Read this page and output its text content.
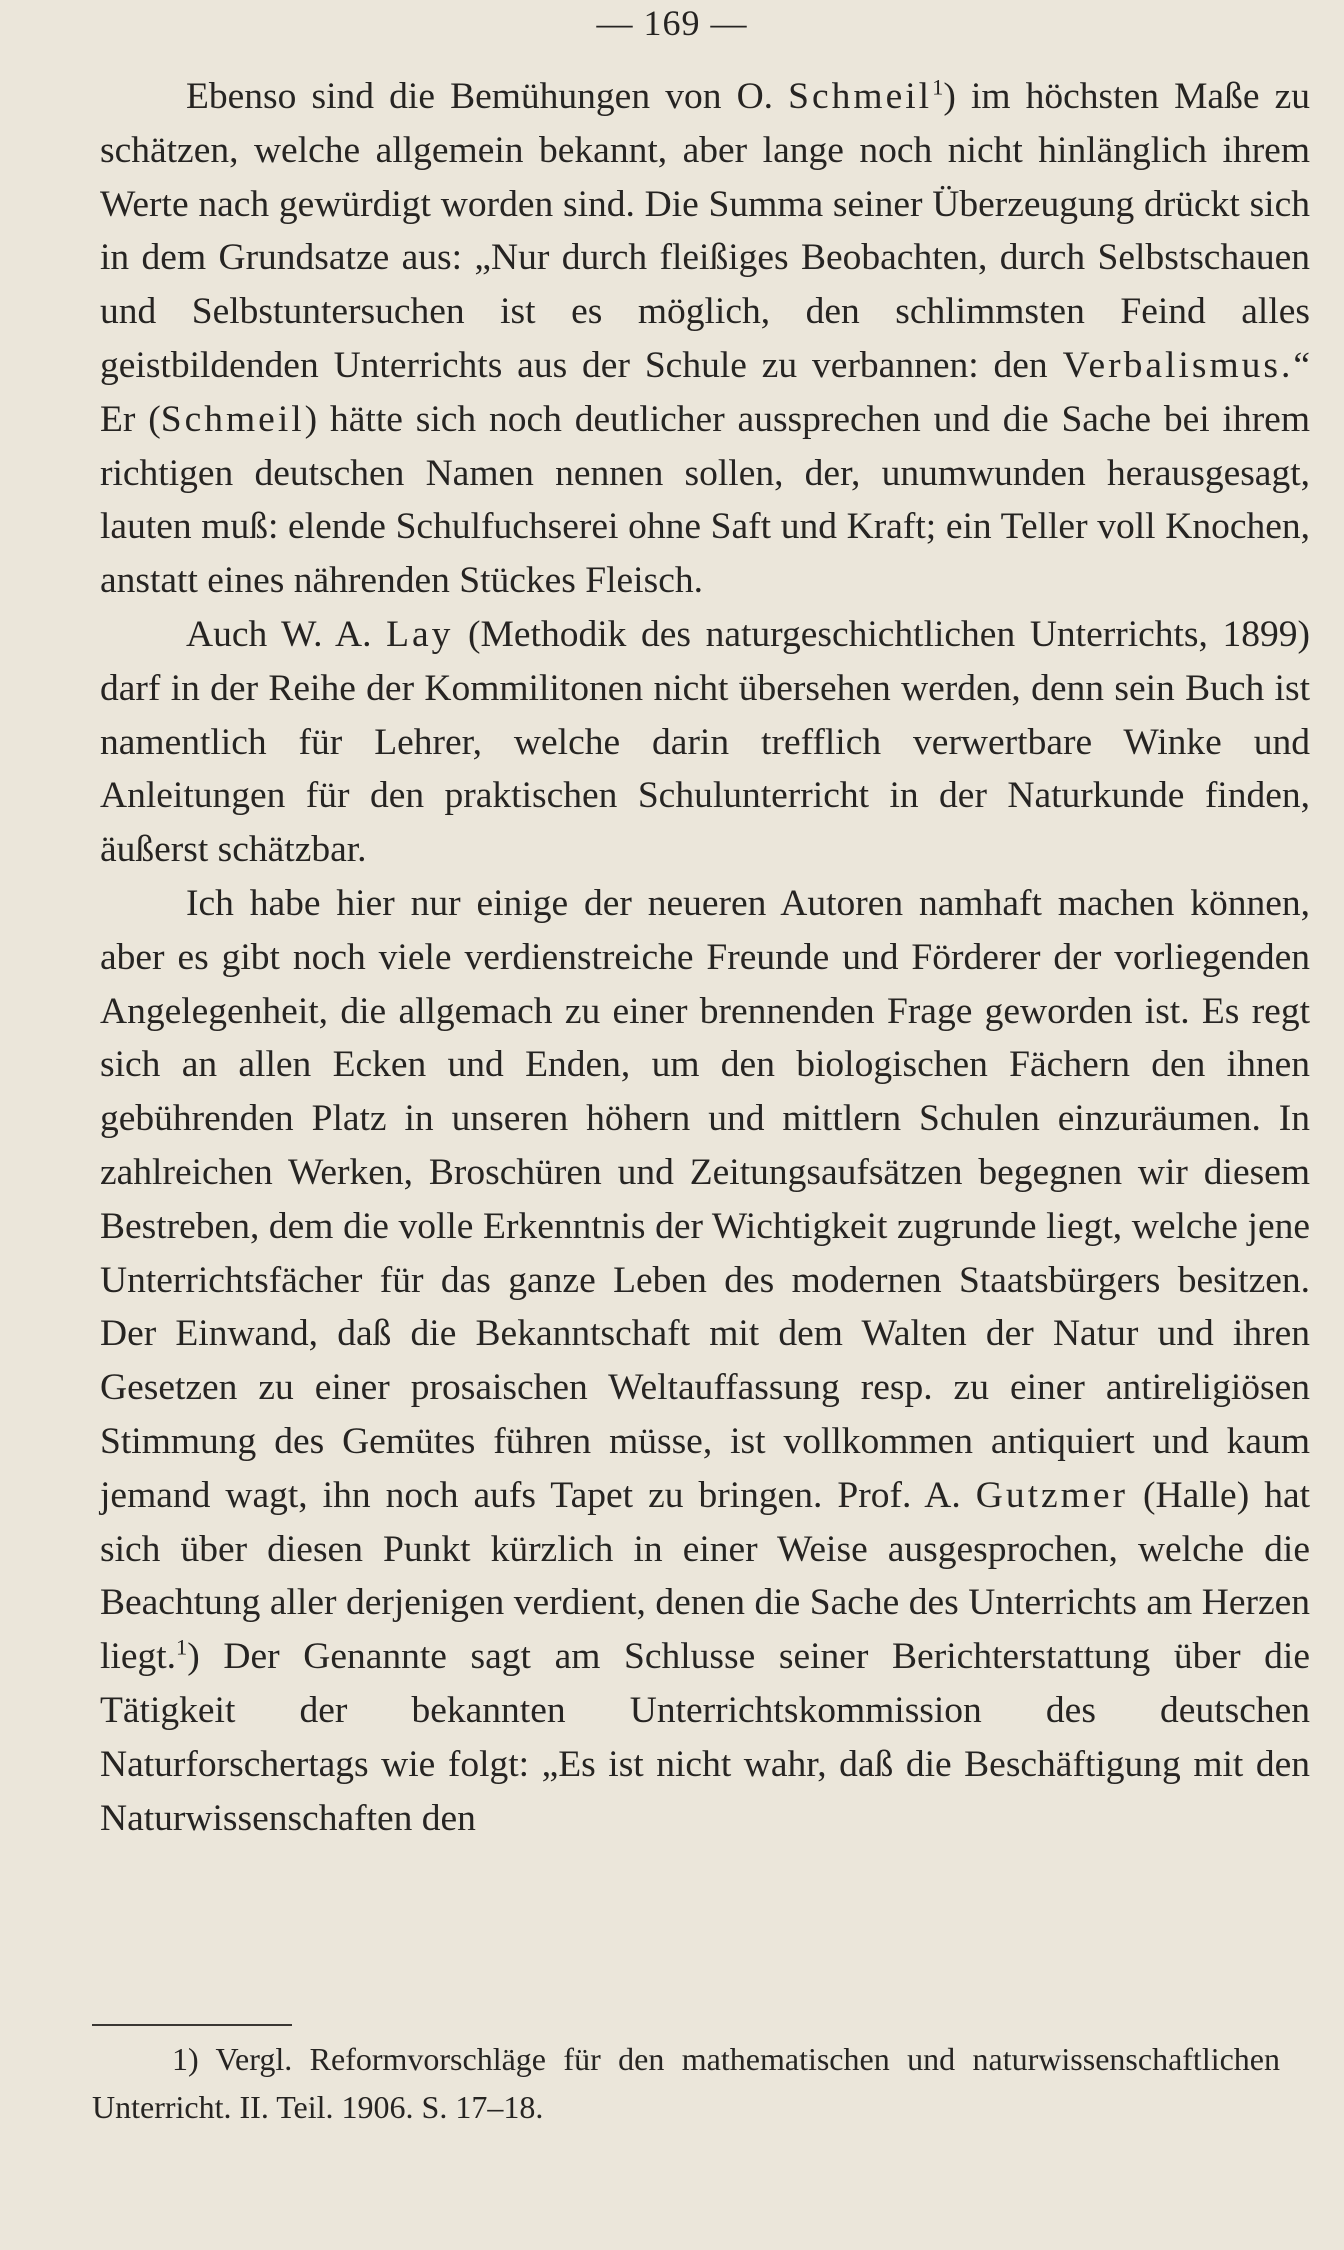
— 169 —

Ebenso sind die Bemühungen von O. Schmeil$^1$) im höchsten Maße zu schätzen, welche allgemein bekannt, aber lange noch nicht hinlänglich ihrem Werte nach gewürdigt worden sind. Die Summa seiner Überzeugung drückt sich in dem Grundsatze aus: „Nur durch fleißiges Beobachten, durch Selbstschauen und Selbstuntersuchen ist es möglich, den schlimmsten Feind alles geistbildenden Unterrichts aus der Schule zu verbannen: den Verbalismus.“ Er (Schmeil) hätte sich noch deutlicher aussprechen und die Sache bei ihrem richtigen deutschen Namen nennen sollen, der, unumwunden herausgesagt, lauten muß: elende Schulfuchserei ohne Saft und Kraft; ein Teller voll Knochen, anstatt eines nährenden Stückes Fleisch.

Auch W. A. Lay (Methodik des naturgeschichtlichen Unterrichts, 1899) darf in der Reihe der Kommilitonen nicht übersehen werden, denn sein Buch ist namentlich für Lehrer, welche darin trefflich verwertbare Winke und Anleitungen für den praktischen Schulunterricht in der Naturkunde finden, äußerst schätzbar.

Ich habe hier nur einige der neueren Autoren namhaft machen können, aber es gibt noch viele verdienstreiche Freunde und Förderer der vorliegenden Angelegenheit, die allgemach zu einer brennenden Frage geworden ist. Es regt sich an allen Ecken und Enden, um den biologischen Fächern den ihnen gebührenden Platz in unseren höhern und mittlern Schulen einzuräumen. In zahlreichen Werken, Broschüren und Zeitungsaufsätzen begegnen wir diesem Bestreben, dem die volle Erkenntnis der Wichtigkeit zugrunde liegt, welche jene Unterrichtsfächer für das ganze Leben des modernen Staatsbürgers besitzen. Der Einwand, daß die Bekanntschaft mit dem Walten der Natur und ihren Gesetzen zu einer prosaischen Weltauffassung resp. zu einer antireligiösen Stimmung des Gemütes führen müsse, ist vollkommen antiquiert und kaum jemand wagt, ihn noch aufs Tapet zu bringen. Prof. A. Gutzmer (Halle) hat sich über diesen Punkt kürzlich in einer Weise ausgesprochen, welche die Beachtung aller derjenigen verdient, denen die Sache des Unterrichts am Herzen liegt.$^1$) Der Genannte sagt am Schlusse seiner Berichterstattung über die Tätigkeit der bekannten Unterrichtskommission des deutschen Naturforschertags wie folgt: „Es ist nicht wahr, daß die Beschäftigung mit den Naturwissenschaften den

1) Vergl. Reformvorschläge für den mathematischen und naturwissenschaftlichen Unterricht. II. Teil. 1906. S. 17–18.
